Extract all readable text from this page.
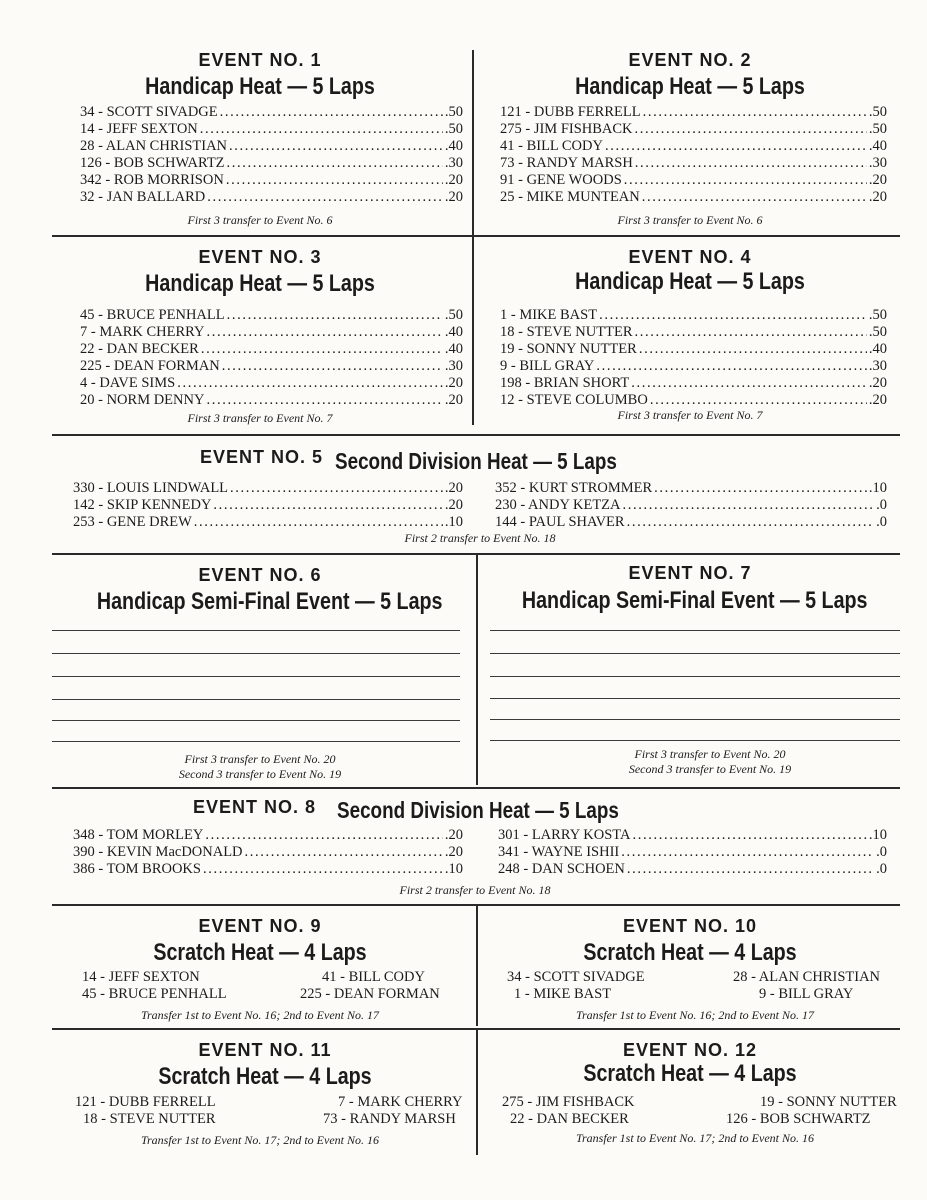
EVENT NO. 1
Handicap Heat — 5 Laps
34 - SCOTT SIVADGE . . .	.50
14 - JEFF SEXTON . . .	.50
28 - ALAN CHRISTIAN . . .	.40
126 - BOB SCHWARTZ . . .	.30
342 - ROB MORRISON . . .	.20
32 - JAN BALLARD . . .	.20
First 3 transfer to Event No. 6
EVENT NO. 2
Handicap Heat — 5 Laps
121 - DUBB FERRELL . . .	.50
275 - JIM FISHBACK . . .	.50
41 - BILL CODY . . .	.40
73 - RANDY MARSH . . .	.30
91 - GENE WOODS . . .	.20
25 - MIKE MUNTEAN . . .	.20
First 3 transfer to Event No. 6
EVENT NO. 3
Handicap Heat — 5 Laps
45 - BRUCE PENHALL . . .	.50
7 - MARK CHERRY . . .	.40
22 - DAN BECKER . . .	.40
225 - DEAN FORMAN . . .	.30
4 - DAVE SIMS . . .	.20
20 - NORM DENNY . . .	.20
First 3 transfer to Event No. 7
EVENT NO. 4
Handicap Heat — 5 Laps
1 - MIKE BAST . . .	.50
18 - STEVE NUTTER . . .	.50
19 - SONNY NUTTER . . .	.40
9 - BILL GRAY . . .	.30
198 - BRIAN SHORT . . .	.20
12 - STEVE COLUMBO . . .	.20
First 3 transfer to Event No. 7
EVENT NO. 5 Second Division Heat — 5 Laps
330 - LOUIS LINDWALL . . .	.20
142 - SKIP KENNEDY . . .	.20
253 - GENE DREW . . .	.10
352 - KURT STROMMER . . .	.10
230 - ANDY KETZA . . .	.0
144 - PAUL SHAVER . . .	.0
First 2 transfer to Event No. 18
EVENT NO. 6
Handicap Semi-Final Event — 5 Laps
First 3 transfer to Event No. 20
Second 3 transfer to Event No. 19
EVENT NO. 7
Handicap Semi-Final Event — 5 Laps
First 3 transfer to Event No. 20
Second 3 transfer to Event No. 19
EVENT NO. 8 Second Division Heat — 5 Laps
348 - TOM MORLEY . . .	.20
390 - KEVIN MacDONALD . . .	.20
386 - TOM BROOKS . . .	.10
301 - LARRY KOSTA . . .	.10
341 - WAYNE ISHII . . .	.0
248 - DAN SCHOEN . . .	.0
First 2 transfer to Event No. 18
EVENT NO. 9
Scratch Heat — 4 Laps
14 - JEFF SEXTON	41 - BILL CODY
45 - BRUCE PENHALL	225 - DEAN FORMAN
Transfer 1st to Event No. 16; 2nd to Event No. 17
EVENT NO. 10
Scratch Heat — 4 Laps
34 - SCOTT SIVADGE	28 - ALAN CHRISTIAN
1 - MIKE BAST	9 - BILL GRAY
Transfer 1st to Event No. 16; 2nd to Event No. 17
EVENT NO. 11
Scratch Heat — 4 Laps
121 - DUBB FERRELL	7 - MARK CHERRY
18 - STEVE NUTTER	73 - RANDY MARSH
Transfer 1st to Event No. 17; 2nd to Event No. 16
EVENT NO. 12
Scratch Heat — 4 Laps
275 - JIM FISHBACK	19 - SONNY NUTTER
22 - DAN BECKER	126 - BOB SCHWARTZ
Transfer 1st to Event No. 17; 2nd to Event No. 16
